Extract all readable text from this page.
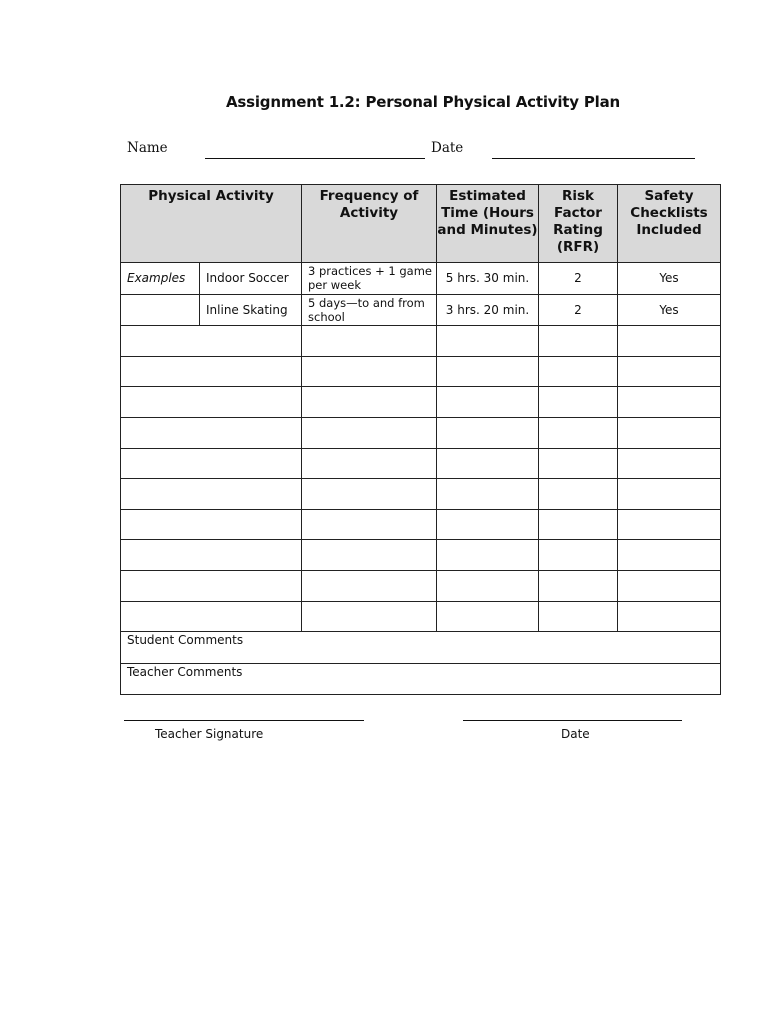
Assignment 1.2: Personal Physical Activity Plan
Name	Date
Physical Activity		Frequency of Activity	Estimated Time (Hours and Minutes)	Risk Factor Rating (RFR)	Safety Checklists Included
Examples	Indoor Soccer	3 practices + 1 game per week	5 hrs. 30 min.	2	Yes
	Inline Skating	5 days—to and from school	3 hrs. 20 min.	2	Yes

Student Comments					
Teacher Comments					
Teacher Signature	Date
